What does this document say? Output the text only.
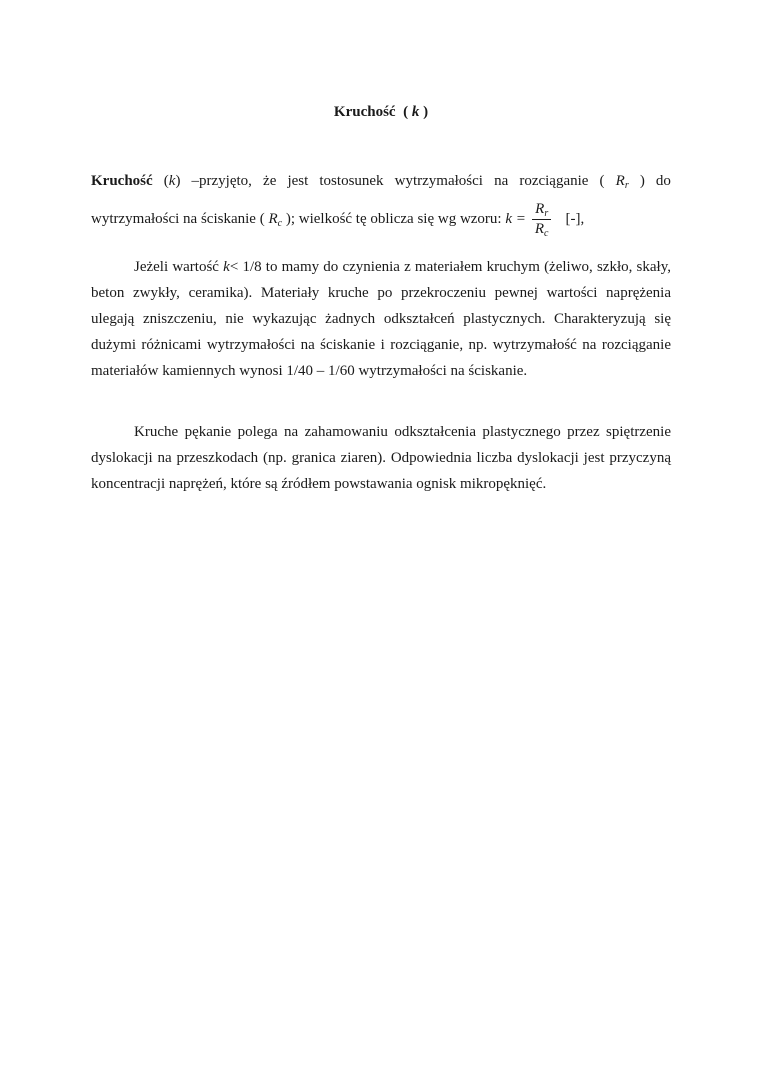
Kruchość ( k )
Kruchość (k) –przyjęto, że jest tostosunek wytrzymałości na rozciąganie ( $R_r$ ) do
wytrzymałości na ściskanie (
$R_c$
); wielkość tę oblicza się wg wzoru:
$k = \frac{R_r}{R_c}$ [-],

Jeżeli wartość k< 1/8 to mamy do czynienia z materiałem kruchym (żeliwo, szkło, skały, beton zwykły, ceramika). Materiały kruche po przekroczeniu pewnej wartości naprężenia ulegają zniszczeniu, nie wykazując żadnych odkształceń plastycznych. Charakteryzują się dużymi różnicami wytrzymałości na ściskanie i rozciąganie, np. wytrzymałość na rozciąganie materiałów kamiennych wynosi 1/40 – 1/60 wytrzymałości na ściskanie.

Kruche pękanie polega na zahamowaniu odkształcenia plastycznego przez spiętrzenie dyslokacji na przeszkodach (np. granica ziaren). Odpowiednia liczba dyslokacji jest przyczyną koncentracji naprężeń, które są źródłem powstawania ognisk mikropęknięć.
